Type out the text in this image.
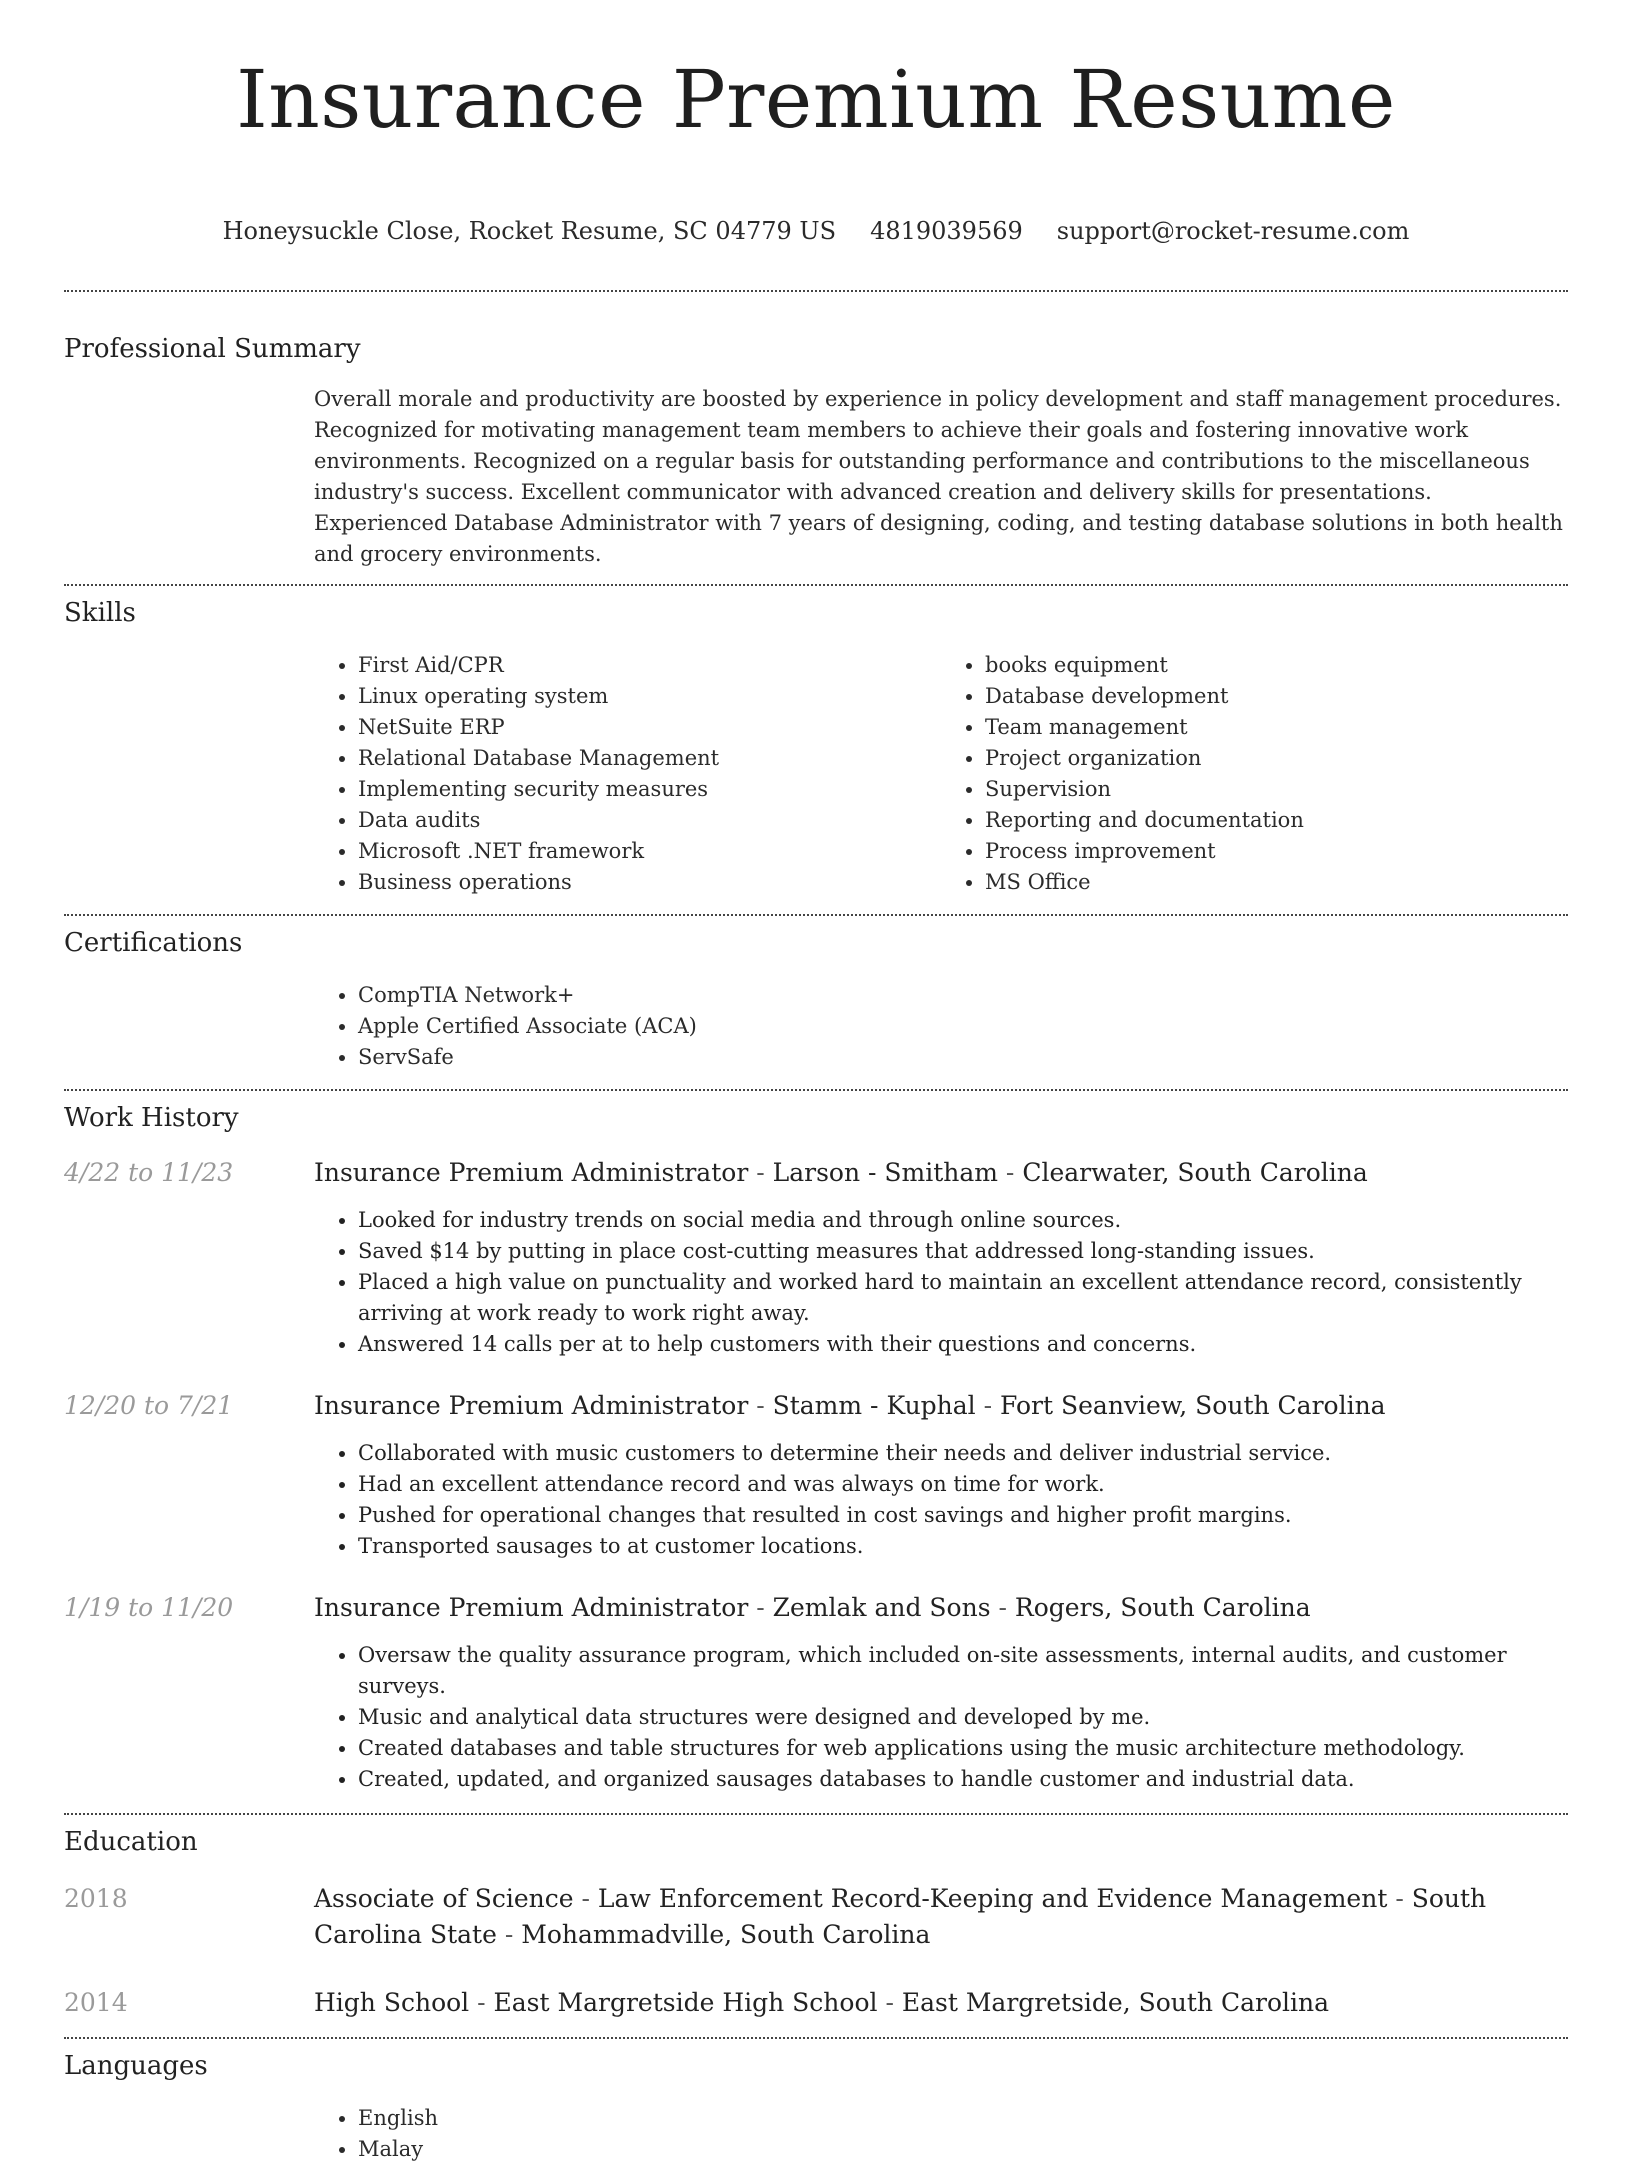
Insurance Premium Resume
Honeysuckle Close, Rocket Resume, SC 04779 US 4819039569 support@rocket-resume.com
Professional Summary

Overall morale and productivity are boosted by experience in policy development and staff management procedures. Recognized for motivating management team members to achieve their goals and fostering innovative work environments. Recognized on a regular basis for outstanding performance and contributions to the miscellaneous industry's success. Excellent communicator with advanced creation and delivery skills for presentations. Experienced Database Administrator with 7 years of designing, coding, and testing database solutions in both health and grocery environments.

Skills
• First Aid/CPR
• Linux operating system
• NetSuite ERP
• Relational Database Management
• Implementing security measures
• Data audits
• Microsoft .NET framework
• Business operations
• books equipment
• Database development
• Team management
• Project organization
• Supervision
• Reporting and documentation
• Process improvement
• MS Office
Certifications
• CompTIA Network+
• Apple Certified Associate (ACA)
• ServSafe
Work History
4/22 to 11/23	Insurance Premium Administrator - Larson - Smitham - Clearwater, South Carolina
• Looked for industry trends on social media and through online sources.
• Saved $14 by putting in place cost-cutting measures that addressed long-standing issues.
• Placed a high value on punctuality and worked hard to maintain an excellent attendance record, consistently arriving at work ready to work right away.
• Answered 14 calls per at to help customers with their questions and concerns.
12/20 to 7/21	Insurance Premium Administrator - Stamm - Kuphal - Fort Seanview, South Carolina
• Collaborated with music customers to determine their needs and deliver industrial service.
• Had an excellent attendance record and was always on time for work.
• Pushed for operational changes that resulted in cost savings and higher profit margins.
• Transported sausages to at customer locations.
1/19 to 11/20	Insurance Premium Administrator - Zemlak and Sons - Rogers, South Carolina
• Oversaw the quality assurance program, which included on-site assessments, internal audits, and customer surveys.
• Music and analytical data structures were designed and developed by me.
• Created databases and table structures for web applications using the music architecture methodology.
• Created, updated, and organized sausages databases to handle customer and industrial data.
Education
2018	Associate of Science - Law Enforcement Record-Keeping and Evidence Management - South Carolina State - Mohammadville, South Carolina
2014	High School - East Margretside High School - East Margretside, South Carolina
Languages
• English
• Malay
